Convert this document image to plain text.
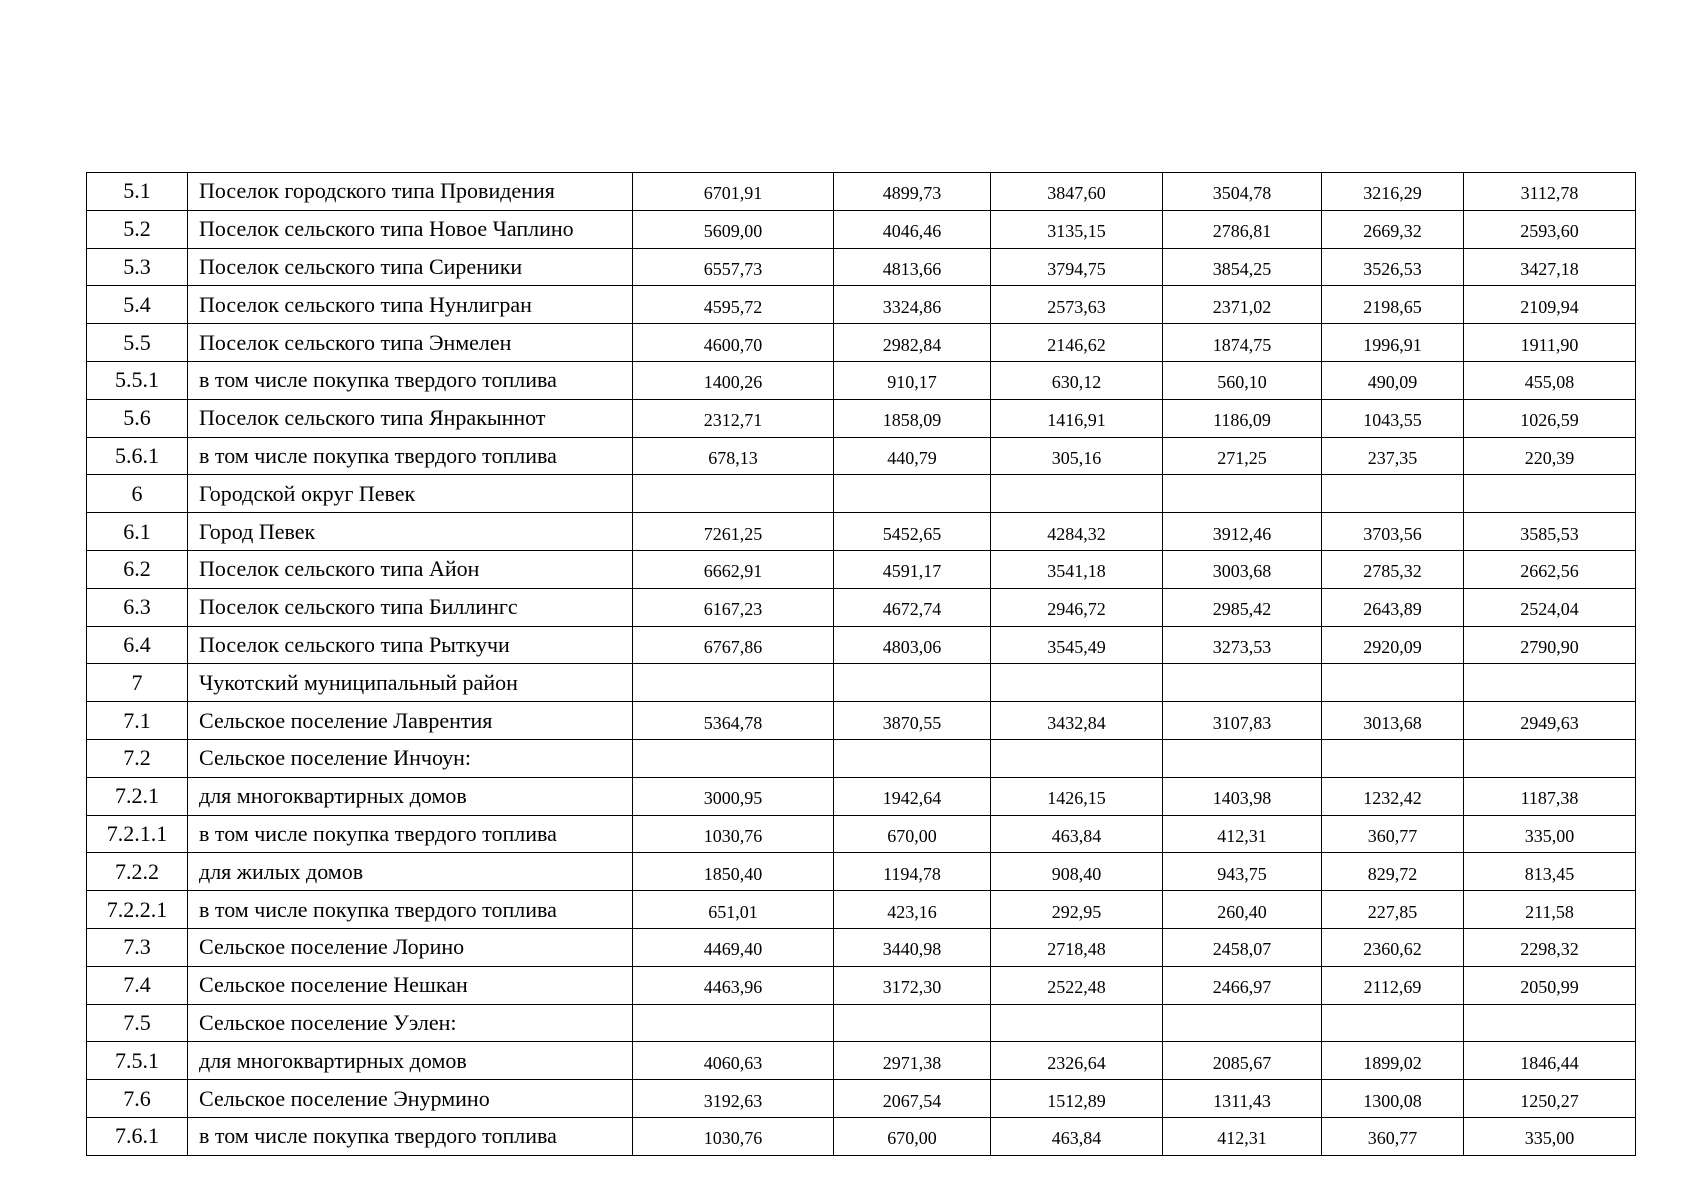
5.1	Поселок городского типа Провидения	6701,91	4899,73	3847,60	3504,78	3216,29	3112,78
5.2	Поселок сельского типа Новое Чаплино	5609,00	4046,46	3135,15	2786,81	2669,32	2593,60
5.3	Поселок сельского типа Сиреники	6557,73	4813,66	3794,75	3854,25	3526,53	3427,18
5.4	Поселок сельского типа Нунлигран	4595,72	3324,86	2573,63	2371,02	2198,65	2109,94
5.5	Поселок сельского типа Энмелен	4600,70	2982,84	2146,62	1874,75	1996,91	1911,90
5.5.1	в том числе покупка твердого топлива	1400,26	910,17	630,12	560,10	490,09	455,08
5.6	Поселок сельского типа Янракыннот	2312,71	1858,09	1416,91	1186,09	1043,55	1026,59
5.6.1	в том числе покупка твердого топлива	678,13	440,79	305,16	271,25	237,35	220,39
6	Городской округ Певек						
6.1	Город Певек	7261,25	5452,65	4284,32	3912,46	3703,56	3585,53
6.2	Поселок сельского типа Айон	6662,91	4591,17	3541,18	3003,68	2785,32	2662,56
6.3	Поселок сельского типа Биллингс	6167,23	4672,74	2946,72	2985,42	2643,89	2524,04
6.4	Поселок сельского типа Рыткучи	6767,86	4803,06	3545,49	3273,53	2920,09	2790,90
7	Чукотский муниципальный район						
7.1	Сельское поселение Лаврентия	5364,78	3870,55	3432,84	3107,83	3013,68	2949,63
7.2	Сельское поселение Инчоун:						
7.2.1	для многоквартирных домов	3000,95	1942,64	1426,15	1403,98	1232,42	1187,38
7.2.1.1	в том числе покупка твердого топлива	1030,76	670,00	463,84	412,31	360,77	335,00
7.2.2	для жилых домов	1850,40	1194,78	908,40	943,75	829,72	813,45
7.2.2.1	в том числе покупка твердого топлива	651,01	423,16	292,95	260,40	227,85	211,58
7.3	Сельское поселение Лорино	4469,40	3440,98	2718,48	2458,07	2360,62	2298,32
7.4	Сельское поселение Нешкан	4463,96	3172,30	2522,48	2466,97	2112,69	2050,99
7.5	Сельское поселение Уэлен:						
7.5.1	для многоквартирных домов	4060,63	2971,38	2326,64	2085,67	1899,02	1846,44
7.6	Сельское поселение Энурмино	3192,63	2067,54	1512,89	1311,43	1300,08	1250,27
7.6.1	в том числе покупка твердого топлива	1030,76	670,00	463,84	412,31	360,77	335,00
